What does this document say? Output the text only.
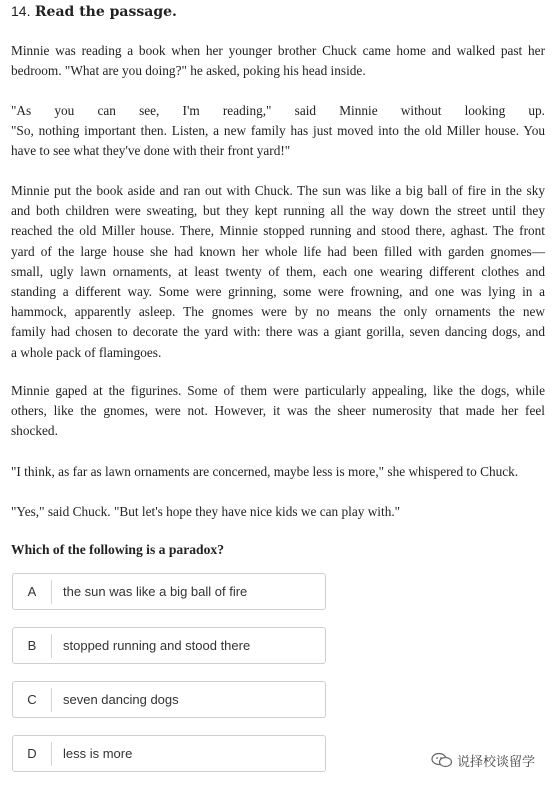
14. Read the passage.
Minnie was reading a book when her younger brother Chuck came home and walked past her
bedroom. "What are you doing?" he asked, poking his head inside.
"As you can see, I'm reading," said Minnie without looking up.
"So, nothing important then. Listen, a new family has just moved into the old Miller house. You
have to see what they've done with their front yard!"
Minnie put the book aside and ran out with Chuck. The sun was like a big ball of fire in the sky
and both children were sweating, but they kept running all the way down the street until they
reached the old Miller house. There, Minnie stopped running and stood there, aghast. The front
yard of the large house she had known her whole life had been filled with garden gnomes—
small, ugly lawn ornaments, at least twenty of them, each one wearing different clothes and
standing a different way. Some were grinning, some were frowning, and one was lying in a
hammock, apparently asleep. The gnomes were by no means the only ornaments the new
family had chosen to decorate the yard with: there was a giant gorilla, seven dancing dogs, and
a whole pack of flamingoes.
Minnie gaped at the figurines. Some of them were particularly appealing, like the dogs, while
others, like the gnomes, were not. However, it was the sheer numerosity that made her feel
shocked.
"I think, as far as lawn ornaments are concerned, maybe less is more," she whispered to Chuck.
"Yes," said Chuck. "But let's hope they have nice kids we can play with."
Which of the following is a paradox?
A	the sun was like a big ball of fire
B	stopped running and stood there
C	seven dancing dogs
D	less is more
说择校谈留学
